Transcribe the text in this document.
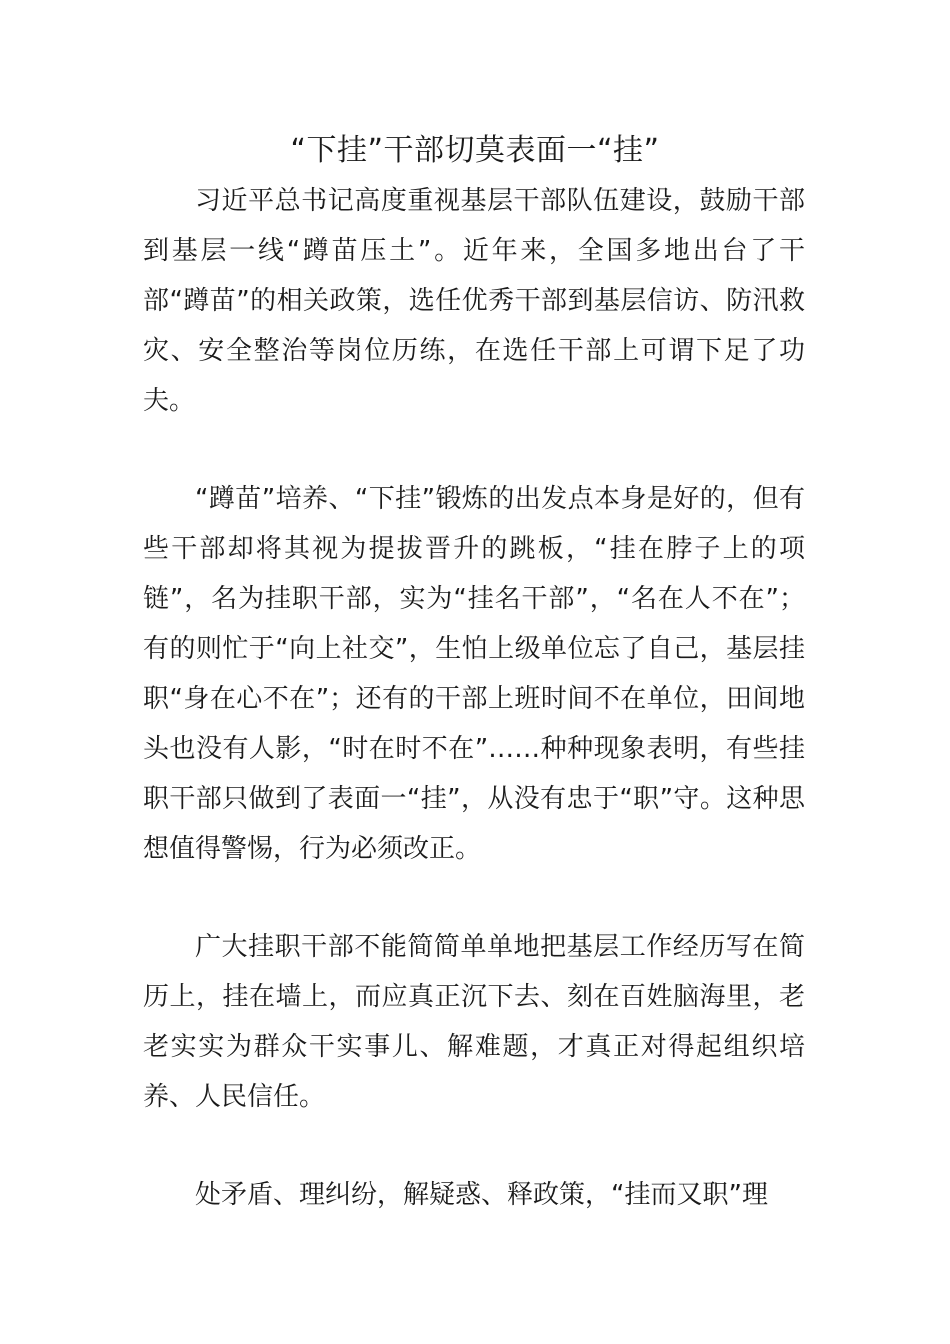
“下挂”干部切莫表面一“挂”

习近平总书记高度重视基层干部队伍建设，鼓励干部到基层一线“蹲苗压土”。近年来，全国多地出台了干部“蹲苗”的相关政策，选任优秀干部到基层信访、防汛救灾、安全整治等岗位历练，在选任干部上可谓下足了功夫。

“蹲苗”培养、“下挂”锻炼的出发点本身是好的，但有些干部却将其视为提拔晋升的跳板，“挂在脖子上的项链”，名为挂职干部，实为“挂名干部”，“名在人不在”；有的则忙于“向上社交”，生怕上级单位忘了自己，基层挂职“身在心不在”；还有的干部上班时间不在单位，田间地头也没有人影，“时在时不在”……种种现象表明，有些挂职干部只做到了表面一“挂”，从没有忠于“职”守。这种思想值得警惕，行为必须改正。

广大挂职干部不能简简单单地把基层工作经历写在简历上，挂在墙上，而应真正沉下去、刻在百姓脑海里，老老实实为群众干实事儿、解难题，才真正对得起组织培养、人民信任。

处矛盾、理纠纷，解疑惑、释政策，“挂而又职”理
